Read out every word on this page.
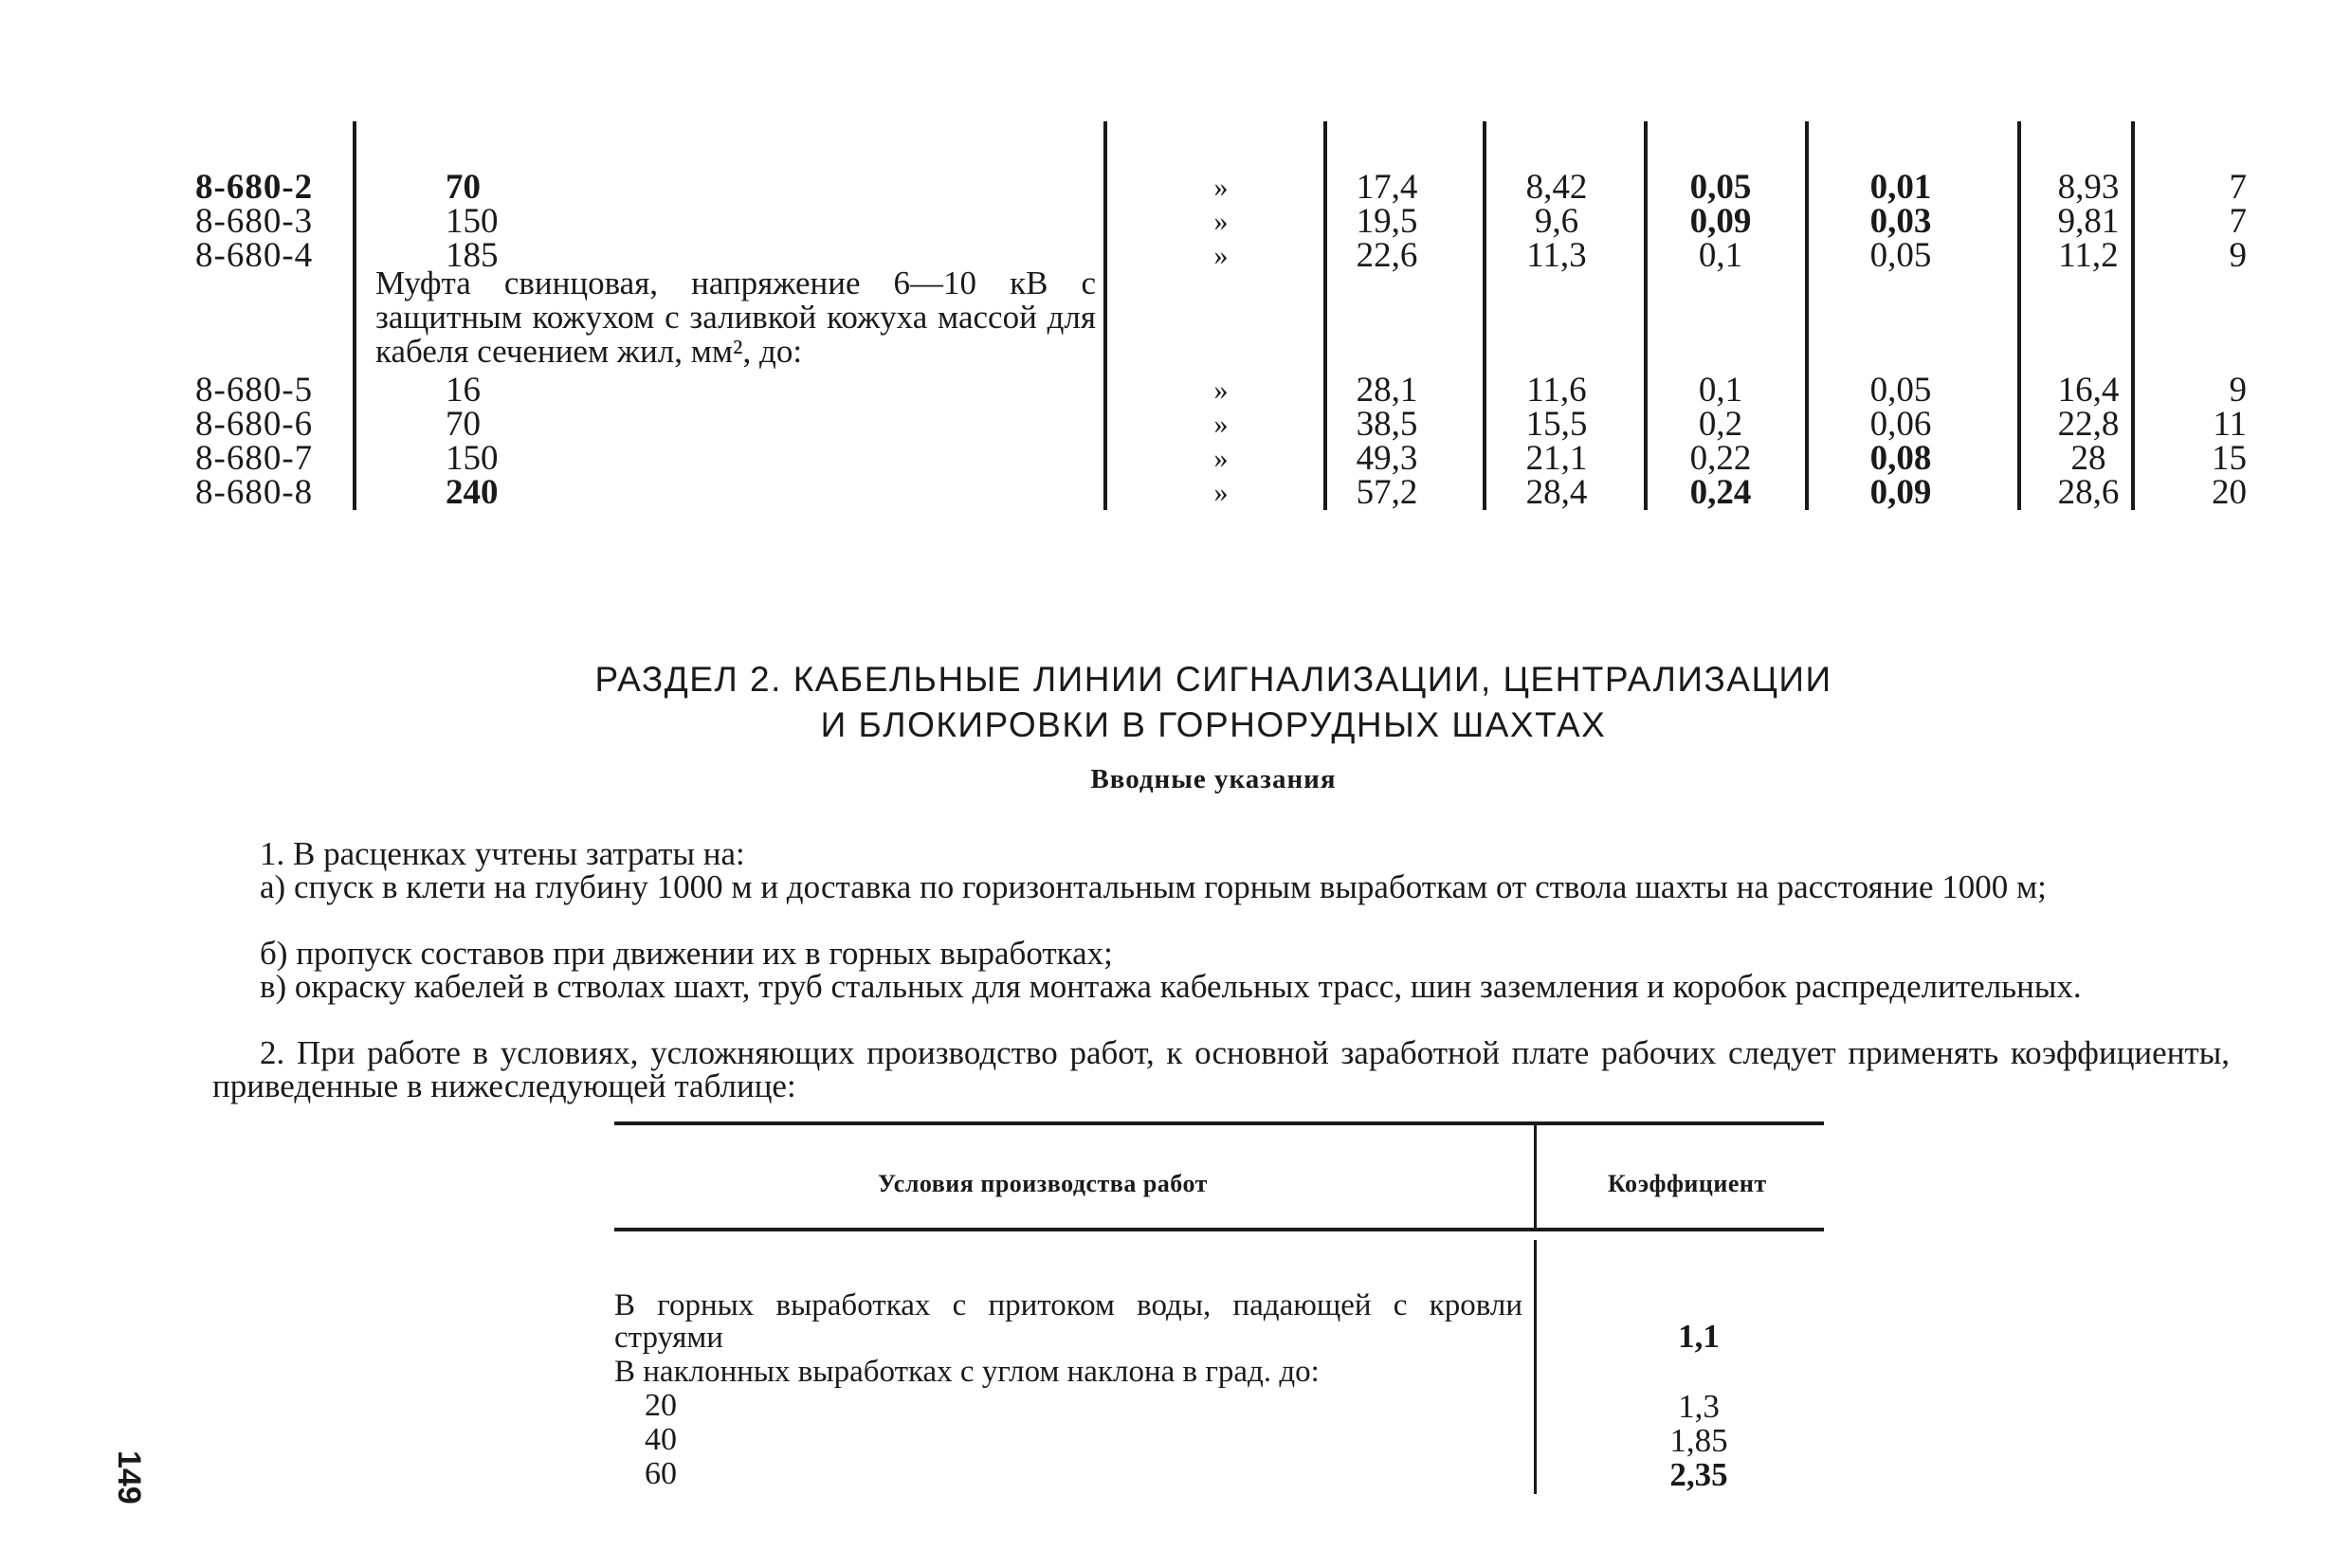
8-680-2	70	»	17,4	8,42	0,05	0,01	8,93	7
8-680-3	150	»	19,5	9,6	0,09	0,03	9,81	7
8-680-4	185	»	22,6	11,3	0,1	0,05	11,2	9
Муфта свинцовая, напряжение 6—10 кВ с защитным кожухом с заливкой кожуха массой для кабеля сечением жил, мм², до:
8-680-5	16	»	28,1	11,6	0,1	0,05	16,4	9
8-680-6	70	»	38,5	15,5	0,2	0,06	22,8	11
8-680-7	150	»	49,3	21,1	0,22	0,08	28	15
8-680-8	240	»	57,2	28,4	0,24	0,09	28,6	20
РАЗДЕЛ 2. КАБЕЛЬНЫЕ ЛИНИИ СИГНАЛИЗАЦИИ, ЦЕНТРАЛИЗАЦИИ
И БЛОКИРОВКИ В ГОРНОРУДНЫХ ШАХТАХ
Вводные указания
1. В расценках учтены затраты на:
а) спуск в клети на глубину 1000 м и доставка по горизонтальным горным выработкам от ствола шахты на расстояние 1000 м;
б) пропуск составов при движении их в горных выработках;
в) окраску кабелей в стволах шахт, труб стальных для монтажа кабельных трасс, шин заземления и коробок распределительных.
2. При работе в условиях, усложняющих производство работ, к основной заработной плате рабочих следует применять коэффициенты, приведенные в нижеследующей таблице:
Условия производства работ	Коэффициент
В горных выработках с притоком воды, падающей с кровли струями	1,1
В наклонных выработках с углом наклона в град. до:
20	1,3
40	1,85
60	2,35
149
